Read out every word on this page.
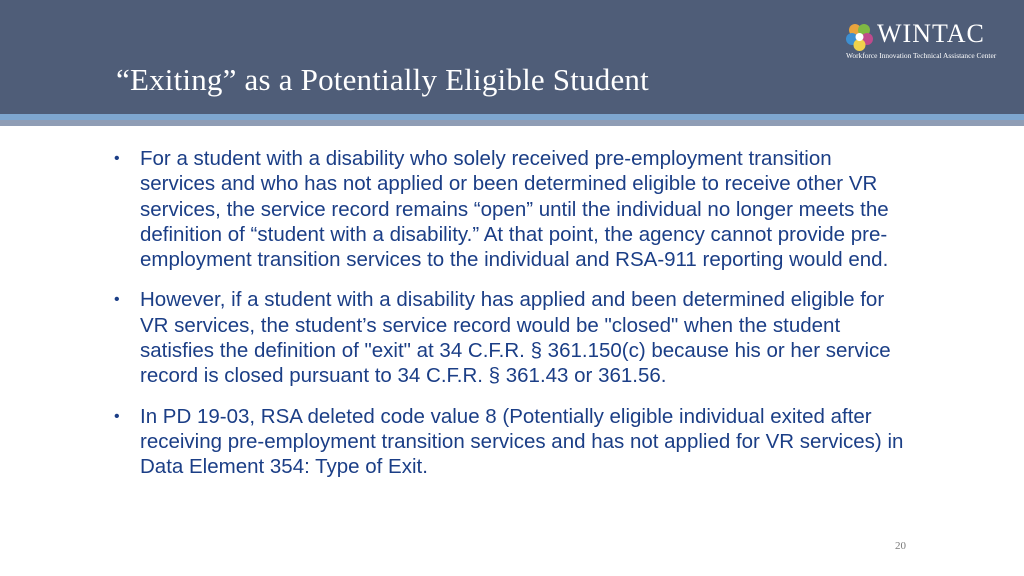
“Exiting” as a Potentially Eligible Student
WINTAC
Workforce Innovation Technical Assistance Center
• For a student with a disability who solely received pre-employment transition services and who has not applied or been determined eligible to receive other VR services, the service record remains “open” until the individual no longer meets the definition of “student with a disability.” At that point, the agency cannot provide pre-employment transition services to the individual and RSA-911 reporting would end.
• However, if a student with a disability has applied and been determined eligible for VR services, the student’s service record would be "closed" when the student satisfies the definition of "exit" at 34 C.F.R. § 361.150(c) because his or her service record is closed pursuant to 34 C.F.R. § 361.43 or 361.56.
• In PD 19-03, RSA deleted code value 8 (Potentially eligible individual exited after receiving pre-employment transition services and has not applied for VR services) in Data Element 354: Type of Exit.
20
